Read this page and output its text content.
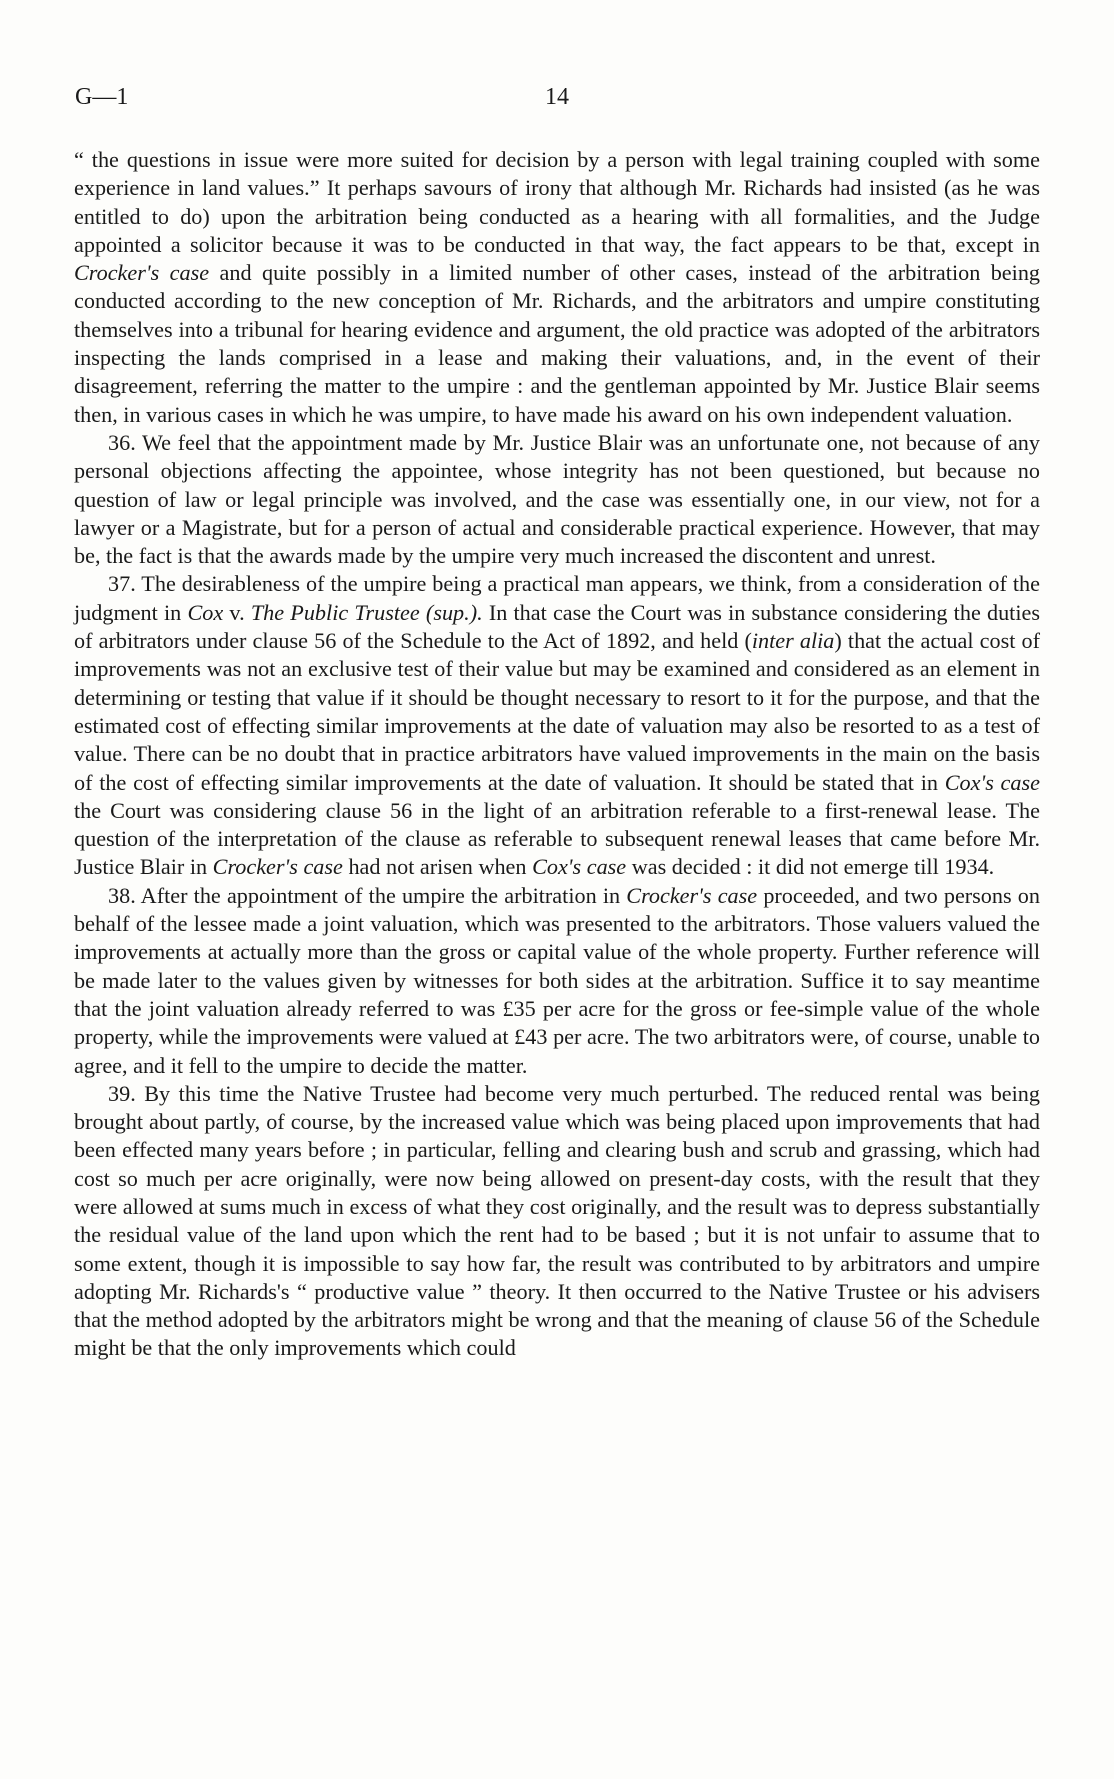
G—1	14

“ the questions in issue were more suited for decision by a person with legal training coupled with some experience in land values.” It perhaps savours of irony that although Mr. Richards had insisted (as he was entitled to do) upon the arbitration being conducted as a hearing with all formalities, and the Judge appointed a solicitor because it was to be conducted in that way, the fact appears to be that, except in Crocker's case and quite possibly in a limited number of other cases, instead of the arbitration being conducted according to the new conception of Mr. Richards, and the arbitrators and umpire constituting themselves into a tribunal for hearing evidence and argument, the old practice was adopted of the arbitrators inspecting the lands comprised in a lease and making their valuations, and, in the event of their disagreement, referring the matter to the umpire : and the gentleman appointed by Mr. Justice Blair seems then, in various cases in which he was umpire, to have made his award on his own independent valuation.

36. We feel that the appointment made by Mr. Justice Blair was an unfortunate one, not because of any personal objections affecting the appointee, whose integrity has not been questioned, but because no question of law or legal principle was involved, and the case was essentially one, in our view, not for a lawyer or a Magistrate, but for a person of actual and considerable practical experience. However, that may be, the fact is that the awards made by the umpire very much increased the discontent and unrest.

37. The desirableness of the umpire being a practical man appears, we think, from a consideration of the judgment in Cox v. The Public Trustee (sup.). In that case the Court was in substance considering the duties of arbitrators under clause 56 of the Schedule to the Act of 1892, and held (inter alia) that the actual cost of improvements was not an exclusive test of their value but may be examined and considered as an element in determining or testing that value if it should be thought necessary to resort to it for the purpose, and that the estimated cost of effecting similar improvements at the date of valuation may also be resorted to as a test of value. There can be no doubt that in practice arbitrators have valued improvements in the main on the basis of the cost of effecting similar improvements at the date of valuation. It should be stated that in Cox's case the Court was considering clause 56 in the light of an arbitration referable to a first-renewal lease. The question of the interpretation of the clause as referable to subsequent renewal leases that came before Mr. Justice Blair in Crocker's case had not arisen when Cox's case was decided : it did not emerge till 1934.

38. After the appointment of the umpire the arbitration in Crocker's case proceeded, and two persons on behalf of the lessee made a joint valuation, which was presented to the arbitrators. Those valuers valued the improvements at actually more than the gross or capital value of the whole property. Further reference will be made later to the values given by witnesses for both sides at the arbitration. Suffice it to say meantime that the joint valuation already referred to was £35 per acre for the gross or fee-simple value of the whole property, while the improvements were valued at £43 per acre. The two arbitrators were, of course, unable to agree, and it fell to the umpire to decide the matter.

39. By this time the Native Trustee had become very much perturbed. The reduced rental was being brought about partly, of course, by the increased value which was being placed upon improvements that had been effected many years before ; in particular, felling and clearing bush and scrub and grassing, which had cost so much per acre originally, were now being allowed on present-day costs, with the result that they were allowed at sums much in excess of what they cost originally, and the result was to depress substantially the residual value of the land upon which the rent had to be based ; but it is not unfair to assume that to some extent, though it is impossible to say how far, the result was contributed to by arbitrators and umpire adopting Mr. Richards's “ productive value ” theory. It then occurred to the Native Trustee or his advisers that the method adopted by the arbitrators might be wrong and that the meaning of clause 56 of the Schedule might be that the only improvements which could
